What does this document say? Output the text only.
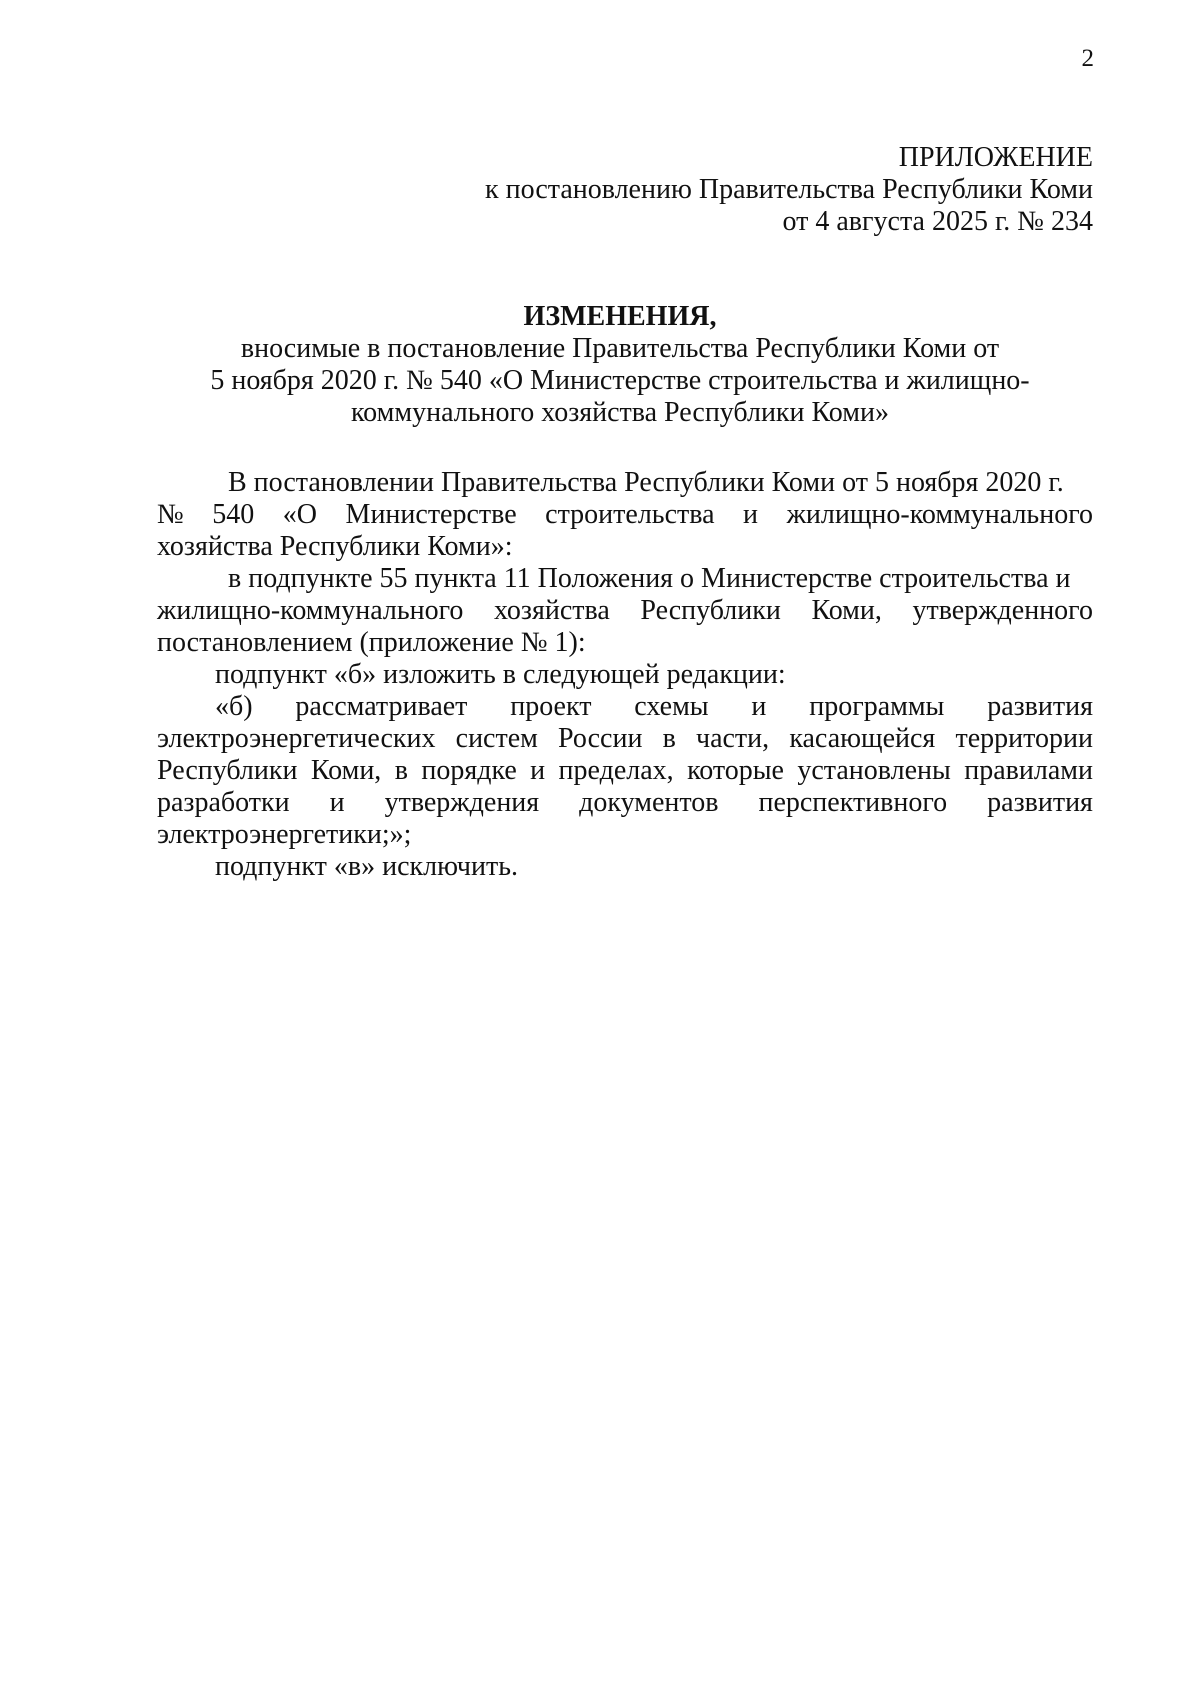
2

ПРИЛОЖЕНИЕ
к постановлению Правительства Республики Коми
от 4 августа 2025 г. № 234

ИЗМЕНЕНИЯ,

вносимые в постановление Правительства Республики Коми от
5 ноября 2020 г. № 540 «О Министерстве строительства и жилищно-
коммунального хозяйства Республики Коми»
В постановлении Правительства Республики Коми от 5 ноября 2020 г.
№ 540 «О Министерстве строительства и жилищно-коммунального
хозяйства Республики Коми»:
в подпункте 55 пункта 11 Положения о Министерстве строительства и
жилищно-коммунального хозяйства Республики Коми, утвержденного
постановлением (приложение № 1):
подпункт «б» изложить в следующей редакции:
«б) рассматривает проект схемы и программы развития
электроэнергетических систем России в части, касающейся территории
Республики Коми, в порядке и пределах, которые установлены правилами
разработки и утверждения документов перспективного развития
электроэнергетики;»;
подпункт «в» исключить.
